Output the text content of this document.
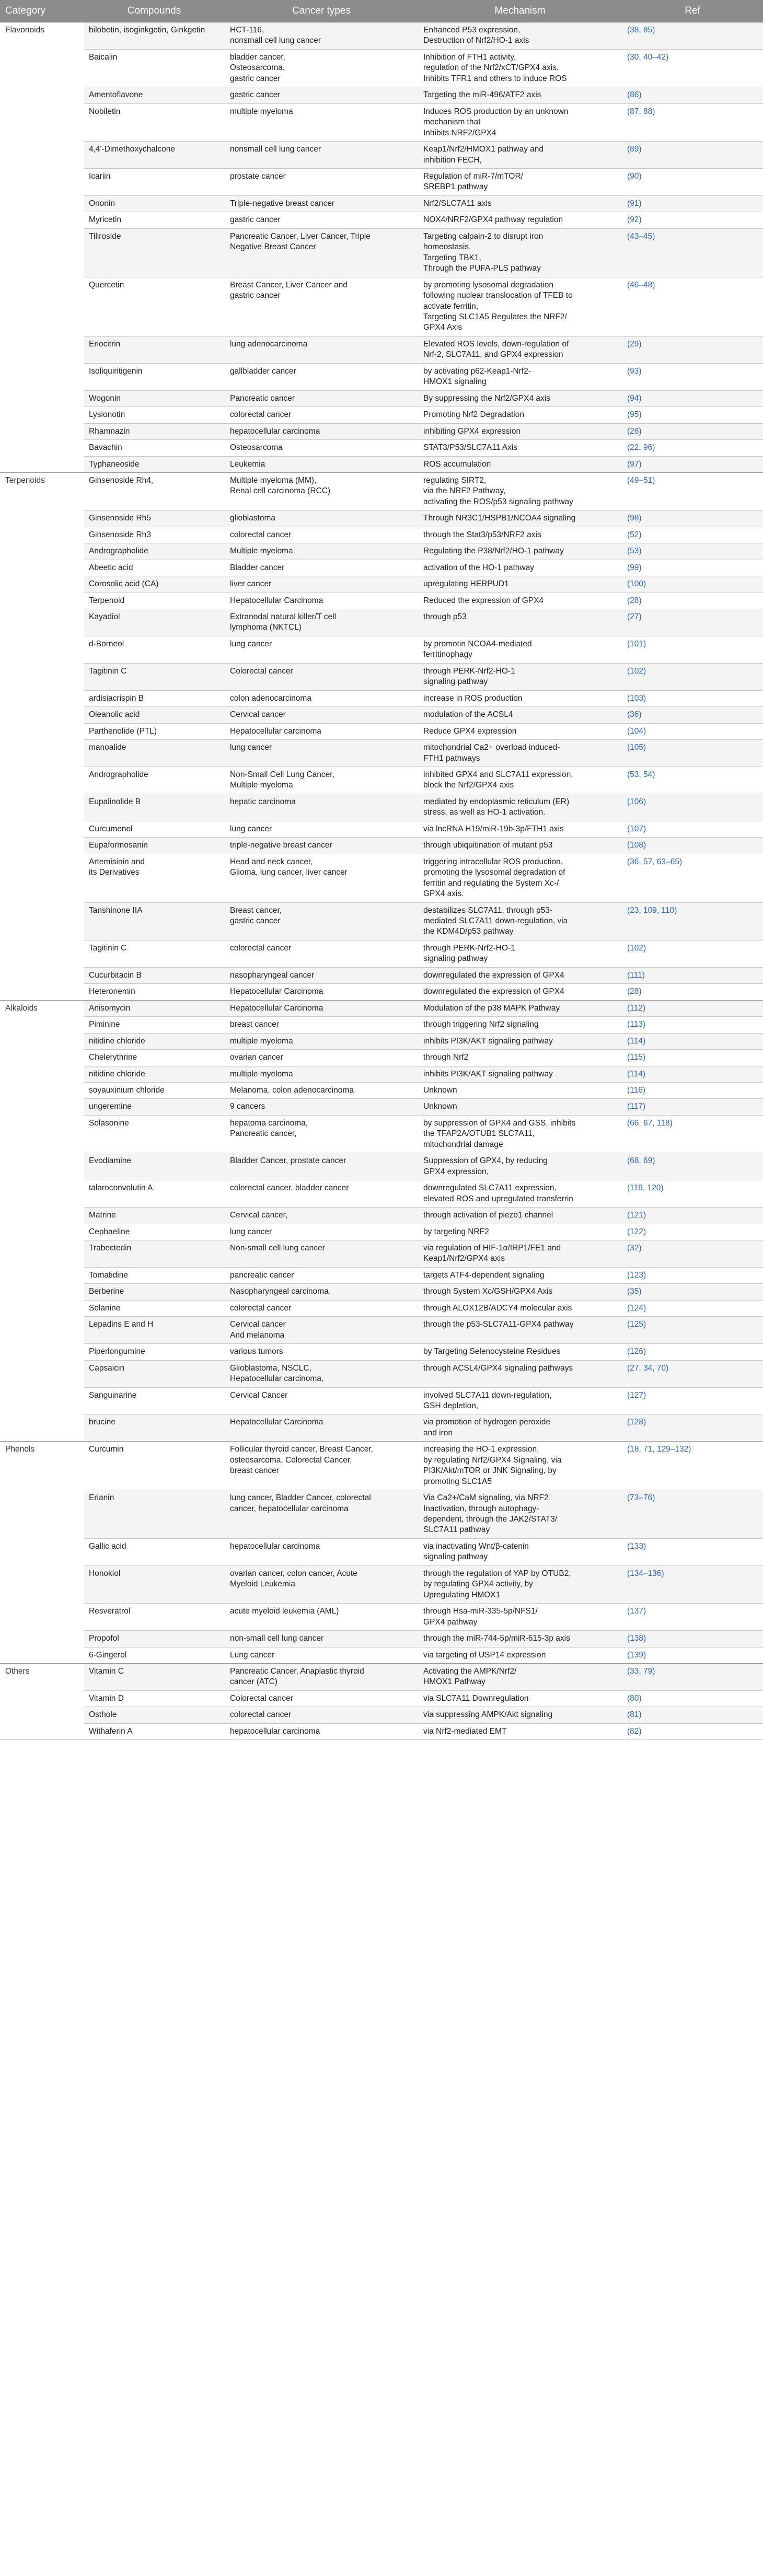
Category	Compounds	Cancer types	Mechanism	Ref
Flavonoids	bilobetin, isoginkgetin, Ginkgetin	HCT-116,
nonsmall cell lung cancer	Enhanced P53 expression,
Destruction of Nrf2/HO-1 axis	(38, 85)
	Baicalin	bladder cancer,
Osteosarcoma,
gastric cancer	Inhibition of FTH1 activity,
regulation of the Nrf2/xCT/GPX4 axis,
Inhibits TFR1 and others to induce ROS	(30, 40–42)
	Amentoflavone	gastric cancer	Targeting the miR-496/ATF2 axis	(86)
	Nobiletin	multiple myeloma	Induces ROS production by an unknown
mechanism that
Inhibits NRF2/GPX4	(87, 88)
	4,4'-Dimethoxychalcone	nonsmall cell lung cancer	Keap1/Nrf2/HMOX1 pathway and
inhibition FECH,	(89)
	Icariin	prostate cancer	Regulation of miR-7/mTOR/
SREBP1 pathway	(90)
	Ononin	Triple-negative breast cancer	Nrf2/SLC7A11 axis	(91)
	Myricetin	gastric cancer	NOX4/NRF2/GPX4 pathway regulation	(92)
	Tiliroside	Pancreatic Cancer, Liver Cancer, Triple
Negative Breast Cancer	Targeting calpain-2 to disrupt iron
homeostasis,
Targeting TBK1,
Through the PUFA-PLS pathway	(43–45)
	Quercetin	Breast Cancer, Liver Cancer and
gastric cancer	by promoting lysosomal degradation
following nuclear translocation of TFEB to
activate ferritin,
Targeting SLC1A5 Regulates the NRF2/
GPX4 Axis	(46–48)
	Eriocitrin	lung adenocarcinoma	Elevated ROS levels, down-regulation of
Nrf-2, SLC7A11, and GPX4 expression	(29)
	Isoliquiritigenin	gallbladder cancer	by activating p62-Keap1-Nrf2-
HMOX1 signaling	(93)
	Wogonin	Pancreatic cancer	By suppressing the Nrf2/GPX4 axis	(94)
	Lysionotin	colorectal cancer	Promoting Nrf2 Degradation	(95)
	Rhamnazin	hepatocellular carcinoma	inhibiting GPX4 expression	(26)
	Bavachin	Osteosarcoma	STAT3/P53/SLC7A11 Axis	(22, 96)
	Typhaneoside	Leukemia	ROS accumulation	(97)
Terpenoids	Ginsenoside Rh4,	Multiple myeloma (MM),
Renal cell carcinoma (RCC)	regulating SIRT2,
via the NRF2 Pathway,
activating the ROS/p53 signaling pathway	(49–51)
	Ginsenoside Rh5	glioblastoma	Through NR3C1/HSPB1/NCOA4 signaling	(98)
	Ginsenoside Rh3	colorectal cancer	through the Stat3/p53/NRF2 axis	(52)
	Andrographolide	Multiple myeloma	Regulating the P38/Nrf2/HO-1 pathway	(53)
	Abeetic acid	Bladder cancer	activation of the HO-1 pathway	(99)
	Corosolic acid (CA)	liver cancer	upregulating HERPUD1	(100)
	Terpenoid	Hepatocellular Carcinoma	Reduced the expression of GPX4	(28)
	Kayadiol	Extranodal natural killer/T cell
lymphoma (NKTCL)	through p53	(27)
	d-Borneol	lung cancer	by promotin NCOA4-mediated
ferritinophagy	(101)
	Tagitinin C	Colorectal cancer	through PERK-Nrf2-HO-1
signaling pathway	(102)
	ardisiacrispin B	colon adenocarcinoma	increase in ROS production	(103)
	Oleanolic acid	Cervical cancer	modulation of the ACSL4	(36)
	Parthenolide (PTL)	Hepatocellular carcinoma	Reduce GPX4 expression	(104)
	manoalide	lung cancer	mitochondrial Ca2+ overload induced-
FTH1 pathways	(105)
	Andrographolide	Non-Small Cell Lung Cancer,
Multiple myeloma	inhibited GPX4 and SLC7A11 expression,
block the Nrf2/GPX4 axis	(53, 54)
	Eupalinolide B	hepatic carcinoma	mediated by endoplasmic reticulum (ER)
stress, as well as HO-1 activation.	(106)
	Curcumenol	lung cancer	via lncRNA H19/miR-19b-3p/FTH1 axis	(107)
	Eupaformosanin	triple-negative breast cancer	through ubiquitination of mutant p53	(108)
	Artemisinin and
its Derivatives	Head and neck cancer,
Glioma, lung cancer, liver cancer	triggering intracellular ROS production,
promoting the lysosomal degradation of
ferritin and regulating the System Xc-/
GPX4 axis.	(36, 57, 63–65)
	Tanshinone IIA	Breast cancer,
gastric cancer	destabilizes SLC7A11, through p53-
mediated SLC7A11 down-regulation, via
the KDM4D/p53 pathway	(23, 109, 110)
	Tagitinin C	colorectal cancer	through PERK-Nrf2-HO-1
signaling pathway	(102)
	Cucurbitacin B	nasopharyngeal cancer	downregulated the expression of GPX4	(111)
	Heteronemin	Hepatocellular Carcinoma	downregulated the expression of GPX4	(28)
Alkaloids	Anisomycin	Hepatocellular Carcinoma	Modulation of the p38 MAPK Pathway	(112)
	Piminine	breast cancer	through triggering Nrf2 signaling	(113)
	nitidine chloride	multiple myeloma	inhibits PI3K/AKT signaling pathway	(114)
	Chelerythrine	ovarian cancer	through Nrf2	(115)
	nitidine chloride	multiple myeloma	inhibits PI3K/AKT signaling pathway	(114)
	soyauxinium chloride	Melanoma, colon adenocarcinoma	Unknown	(116)
	ungeremine	9 cancers	Unknown	(117)
	Solasonine	hepatoma carcinoma,
Pancreatic cancer,	by suppression of GPX4 and GSS, inhibits
the TFAP2A/OTUB1 SLC7A11,
mitochondrial damage	(66, 67, 118)
	Evodiamine	Bladder Cancer, prostate cancer	Suppression of GPX4, by reducing
GPX4 expression,	(68, 69)
	talaroconvolutin A	colorectal cancer, bladder cancer	downregulated SLC7A11 expression,
elevated ROS and upregulated transferrin	(119, 120)
	Matrine	Cervical cancer,	through activation of piezo1 channel	(121)
	Cephaeline	lung cancer	by targeting NRF2	(122)
	Trabectedin	Non-small cell lung cancer	via regulation of HIF-1α/IRP1/FE1 and
Keap1/Nrf2/GPX4 axis	(32)
	Tomatidine	pancreatic cancer	targets ATF4-dependent signaling	(123)
	Berberine	Nasopharyngeal carcinoma	through System Xc/GSH/GPX4 Axis	(35)
	Solanine	colorectal cancer	through ALOX12B/ADCY4 molecular axis	(124)
	Lepadins E and H	Cervical cancer
And melanoma	through the p53-SLC7A11-GPX4 pathway	(125)
	Piperlongumine	various tumors	by Targeting Selenocysteine Residues	(126)
	Capsaicin	Glioblastoma, NSCLC,
Hepatocellular carcinoma,	through ACSL4/GPX4 signaling pathways	(27, 34, 70)
	Sanguinarine	Cervical Cancer	involved SLC7A11 down-regulation,
GSH depletion,	(127)
	brucine	Hepatocellular Carcinoma	via promotion of hydrogen peroxide
and iron	(128)
Phenols	Curcumin	Follicular thyroid cancer, Breast Cancer,
osteosarcoma, Colorectal Cancer,
breast cancer	increasing the HO-1 expression,
by regulating Nrf2/GPX4 Signaling, via
PI3K/Akt/mTOR or JNK Signaling, by
promoting SLC1A5	(18, 71, 129–132)
	Erianin	lung cancer, Bladder Cancer, colorectal
cancer, hepatocellular carcinoma	Via Ca2+/CaM signaling, via NRF2
Inactivation, through autophagy-
dependent, through the JAK2/STAT3/
SLC7A11 pathway	(73–76)
	Gallic acid	hepatocellular carcinoma	via inactivating Wnt/β-catenin
signaling pathway	(133)
	Honokiol	ovarian cancer, colon cancer, Acute
Myeloid Leukemia	through the regulation of YAP by OTUB2,
by regulating GPX4 activity, by
Upregulating HMOX1	(134–136)
	Resveratrol	acute myeloid leukemia (AML)	through Hsa-miR-335-5p/NFS1/
GPX4 pathway	(137)
	Propofol	non-small cell lung cancer	through the miR-744-5p/miR-615-3p axis	(138)
	6-Gingerol	Lung cancer	via targeting of USP14 expression	(139)
Others	Vitamin C	Pancreatic Cancer, Anaplastic thyroid
cancer (ATC)	Activating the AMPK/Nrf2/
HMOX1 Pathway	(33, 79)
	Vitamin D	Colorectal cancer	via SLC7A11 Downregulation	(80)
	Osthole	colorectal cancer	via suppressing AMPK/Akt signaling	(81)
	Withaferin A	hepatocellular carcinoma	via Nrf2-mediated EMT	(82)
